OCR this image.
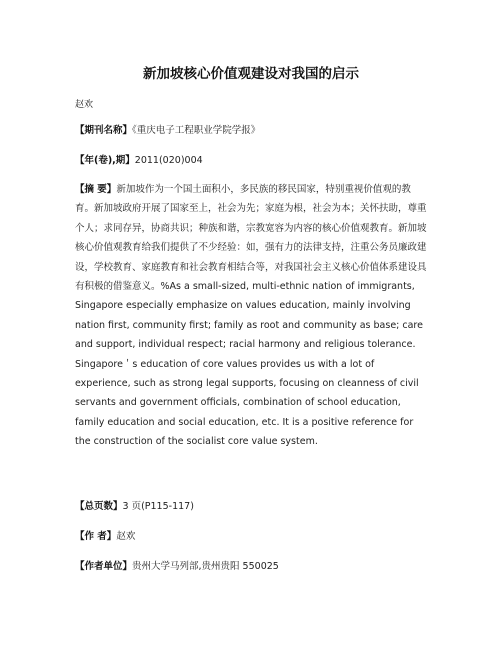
新加坡核心价值观建设对我国的启示
赵欢
【期刊名称】《重庆电子工程职业学院学报》
【年(卷),期】2011(020)004
【摘 要】新加坡作为一个国土面积小，多民族的移民国家，特别重视价值观的教育。新加坡政府开展了国家至上，社会为先；家庭为根，社会为本；关怀扶助，尊重个人；求同存异，协商共识；种族和谐，宗教宽容为内容的核心价值观教育。新加坡核心价值观教育给我们提供了不少经验：如，强有力的法律支持，注重公务员廉政建设，学校教育、家庭教育和社会教育相结合等，对我国社会主义核心价值体系建设具有积极的借鉴意义。%As a small-sized, multi-ethnic nation of immigrants, Singapore especially emphasize on values education, mainly involving nation first, community first; family as root and community as base; care and support, individual respect; racial harmony and religious tolerance. Singapore＇s education of core values provides us with a lot of experience, such as strong legal supports, focusing on cleanness of civil servants and government officials, combination of school education, family education and social education, etc. It is a positive reference for the construction of the socialist core value system.
【总页数】3 页(P115-117)
【作 者】赵欢
【作者单位】贵州大学马列部,贵州贵阳 550025
